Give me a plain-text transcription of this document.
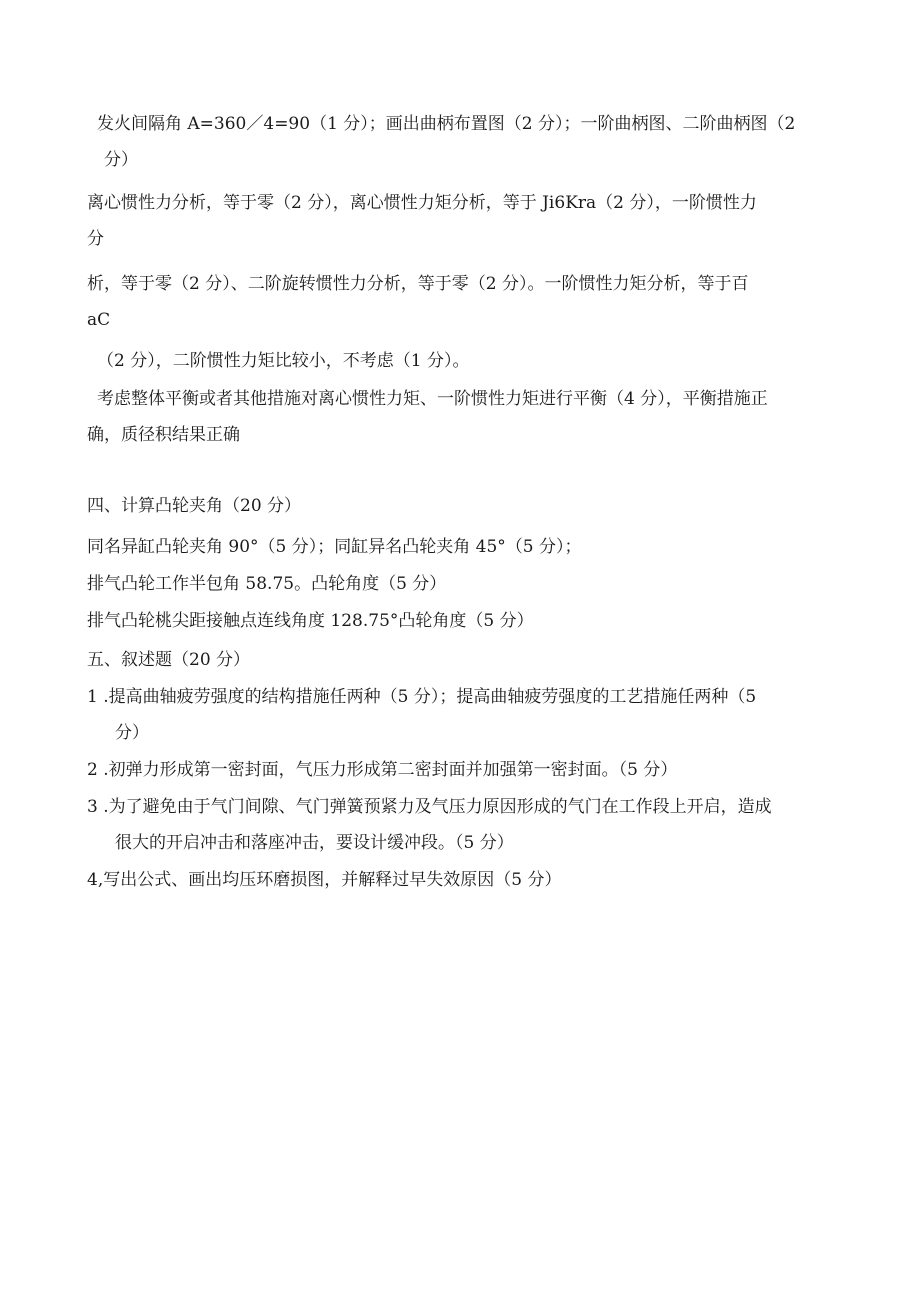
发火间隔角 A=360／4=90（1 分）；画出曲柄布置图（2 分）；一阶曲柄图、二阶曲柄图（2

分）

离心惯性力分析，等于零（2 分），离心惯性力矩分析，等于 Ji6Kra（2 分），一阶惯性力

分

析，等于零（2 分）、二阶旋转惯性力分析，等于零（2 分）。一阶惯性力矩分析，等于百

aC

（2 分），二阶惯性力矩比较小，不考虑（1 分）。

考虑整体平衡或者其他措施对离心惯性力矩、一阶惯性力矩进行平衡（4 分），平衡措施正

确，质径积结果正确

四、计算凸轮夹角（20 分）

同名异缸凸轮夹角 90°（5 分）；同缸异名凸轮夹角 45°（5 分）；

排气凸轮工作半包角 58.75。凸轮角度（5 分）

排气凸轮桃尖距接触点连线角度 128.75°凸轮角度（5 分）

五、叙述题（20 分）

1 .提高曲轴疲劳强度的结构措施任两种（5 分）；提高曲轴疲劳强度的工艺措施任两种（5

分）

2 .初弹力形成第一密封面，气压力形成第二密封面并加强第一密封面。（5 分）

3 .为了避免由于气门间隙、气门弹簧预紧力及气压力原因形成的气门在工作段上开启，造成

很大的开启冲击和落座冲击，要设计缓冲段。（5 分）

4,写出公式、画出均压环磨损图，并解释过早失效原因（5 分）
